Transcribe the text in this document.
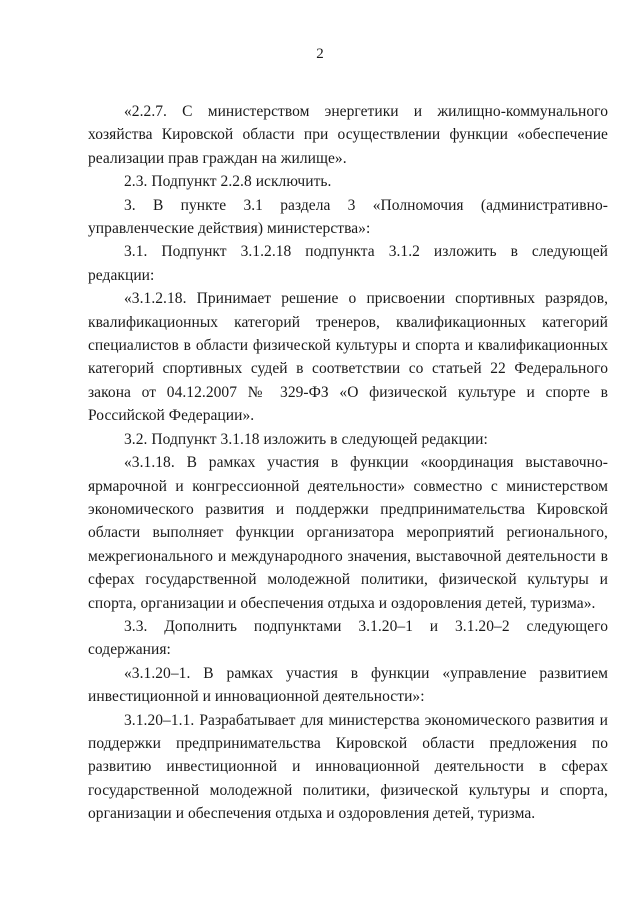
2

«2.2.7. С министерством энергетики и жилищно-коммунального хозяйства Кировской области при осуществлении функции «обеспечение реализации прав граждан на жилище».

2.3. Подпункт 2.2.8 исключить.

3. В пункте 3.1 раздела 3 «Полномочия (административно-управленческие действия) министерства»:

3.1. Подпункт 3.1.2.18 подпункта 3.1.2 изложить в следующей редакции:

«3.1.2.18. Принимает решение о присвоении спортивных разрядов, квалификационных категорий тренеров, квалификационных категорий специалистов в области физической культуры и спорта и квалификационных категорий спортивных судей в соответствии со статьей 22 Федерального закона от 04.12.2007 № 329-ФЗ «О физической культуре и спорте в Российской Федерации».

3.2. Подпункт 3.1.18 изложить в следующей редакции:

«3.1.18. В рамках участия в функции «координация выставочно-ярмарочной и конгрессионной деятельности» совместно с министерством экономического развития и поддержки предпринимательства Кировской области выполняет функции организатора мероприятий регионального, межрегионального и международного значения, выставочной деятельности в сферах государственной молодежной политики, физической культуры и спорта, организации и обеспечения отдыха и оздоровления детей, туризма».

3.3. Дополнить подпунктами 3.1.20–1 и 3.1.20–2 следующего содержания:

«3.1.20–1. В рамках участия в функции «управление развитием инвестиционной и инновационной деятельности»:

3.1.20–1.1. Разрабатывает для министерства экономического развития и поддержки предпринимательства Кировской области предложения по развитию инвестиционной и инновационной деятельности в сферах государственной молодежной политики, физической культуры и спорта, организации и обеспечения отдыха и оздоровления детей, туризма.
